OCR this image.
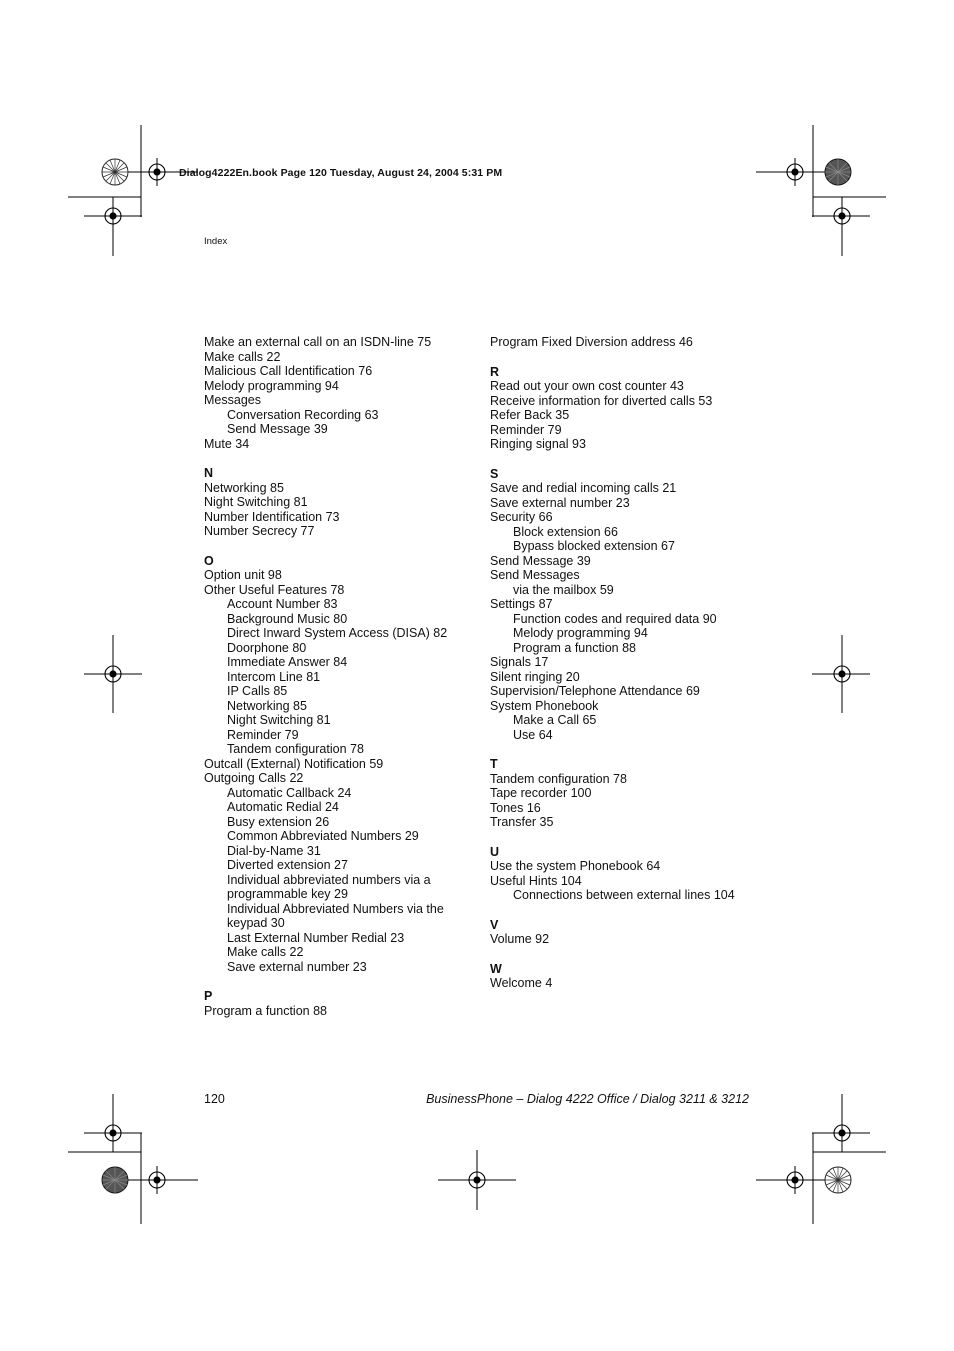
Dialog4222En.book Page 120 Tuesday, August 24, 2004 5:31 PM
Index
Make an external call on an ISDN-line 75
Make calls 22
Malicious Call Identification 76
Melody programming 94
Messages
Conversation Recording 63
Send Message 39
Mute 34
N
Networking 85
Night Switching 81
Number Identification 73
Number Secrecy 77
O
Option unit 98
Other Useful Features 78
Account Number 83
Background Music 80
Direct Inward System Access (DISA) 82
Doorphone 80
Immediate Answer 84
Intercom Line 81
IP Calls 85
Networking 85
Night Switching 81
Reminder 79
Tandem configuration 78
Outcall (External) Notification 59
Outgoing Calls 22
Automatic Callback 24
Automatic Redial 24
Busy extension 26
Common Abbreviated Numbers 29
Dial-by-Name 31
Diverted extension 27
Individual abbreviated numbers via a
programmable key 29
Individual Abbreviated Numbers via the
keypad 30
Last External Number Redial 23
Make calls 22
Save external number 23
P
Program a function 88
Program Fixed Diversion address 46
R
Read out your own cost counter 43
Receive information for diverted calls 53
Refer Back 35
Reminder 79
Ringing signal 93
S
Save and redial incoming calls 21
Save external number 23
Security 66
Block extension 66
Bypass blocked extension 67
Send Message 39
Send Messages
via the mailbox 59
Settings 87
Function codes and required data 90
Melody programming 94
Program a function 88
Signals 17
Silent ringing 20
Supervision/Telephone Attendance 69
System Phonebook
Make a Call 65
Use 64
T
Tandem configuration 78
Tape recorder 100
Tones 16
Transfer 35
U
Use the system Phonebook 64
Useful Hints 104
Connections between external lines 104
V
Volume 92
W
Welcome 4
120	BusinessPhone – Dialog 4222 Office / Dialog 3211 & 3212
